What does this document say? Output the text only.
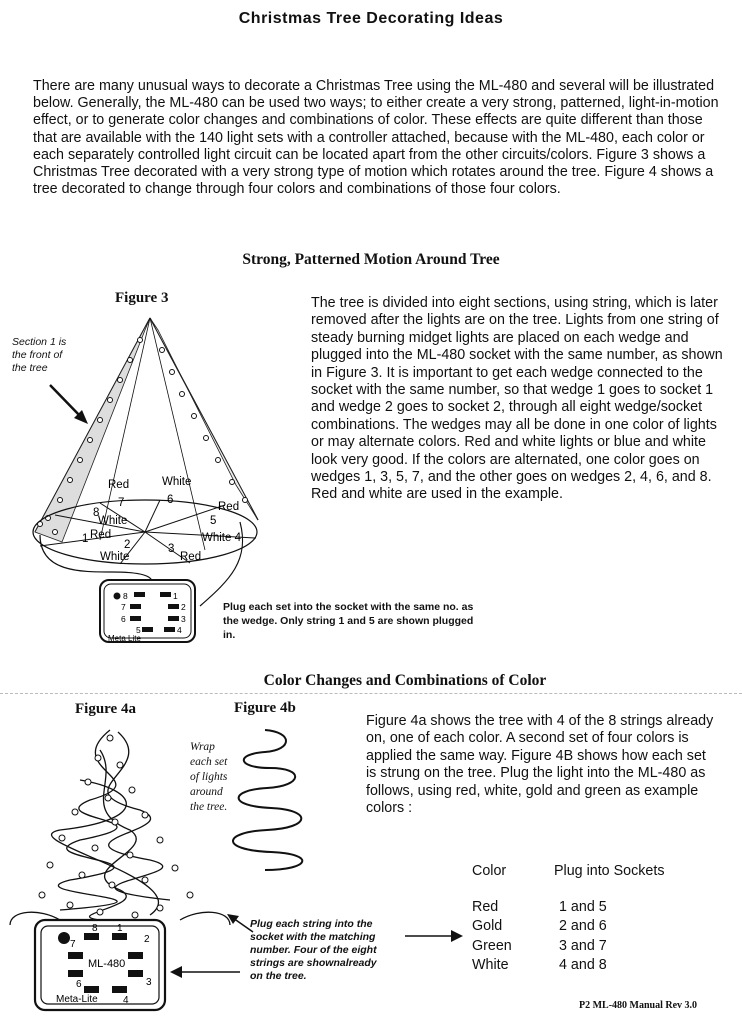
Christmas Tree Decorating Ideas
There are many unusual ways to decorate a Christmas Tree using the ML-480 and several will be illustrated below. Generally, the ML-480 can be used two ways; to either create a very strong, patterned, light-in-motion effect, or to generate color changes and combinations of color. These effects are quite different than those that are available with the 140 light sets with a controller attached, because with the ML-480, each color or each separately controlled light circuit can be located apart from the other circuits/colors. Figure 3 shows a Christmas Tree decorated with a very strong type of motion which rotates around the tree. Figure 4 shows a tree decorated to change through four colors and combinations of those four colors.
Strong, Patterned Motion Around Tree
Figure 3
Section 1 is
the front of
the tree
The tree is divided into eight sections, using string, which is later removed after the lights are on the tree. Lights from one string of steady burning midget lights are placed on each wedge and plugged into the ML-480 socket with the same number, as shown in Figure 3. It is important to get each wedge connected to the socket with the same number, so that wedge 1 goes to socket 1 and wedge 2 goes to socket 2, through all eight wedge/socket combinations. The wedges may all be done in one color of lights or may alternate colors. Red and white lights or blue and white look very good. If the colors are alternated, one color goes on wedges 1, 3, 5, 7, and the other goes on wedges 2, 4, 6, and 8. Red and white are used in the example.
Red	White
7	6
8
White
Red
5
Red
1	2
White
3
Red
White 4
8	1
7	2
6	3
5	4
Meta Lite
Plug each set into the socket with the same no. as the wedge. Only string 1 and 5 are shown plugged in.
Color Changes and Combinations of Color
Figure 4a	Figure 4b
Wrap
each set
of lights
around
the tree.
Figure 4a shows the tree with 4 of the 8 strings already on, one of each color. A second set of four colors is applied the same way. Figure 4B shows how each set is strung on the tree. Plug the light into the ML-480 as follows, using red, white, gold and green as example colors :
7
8 1
2
6	3
4
ML-480
Meta-Lite
Plug each string into the
socket with the matching
number. Four of the eight
strings are shownalready
on the tree.
Color	Plug into Sockets

Red	1 and 5
Gold	2 and 6
Green	3 and 7
White	4 and 8
P2 ML-480 Manual Rev 3.0
